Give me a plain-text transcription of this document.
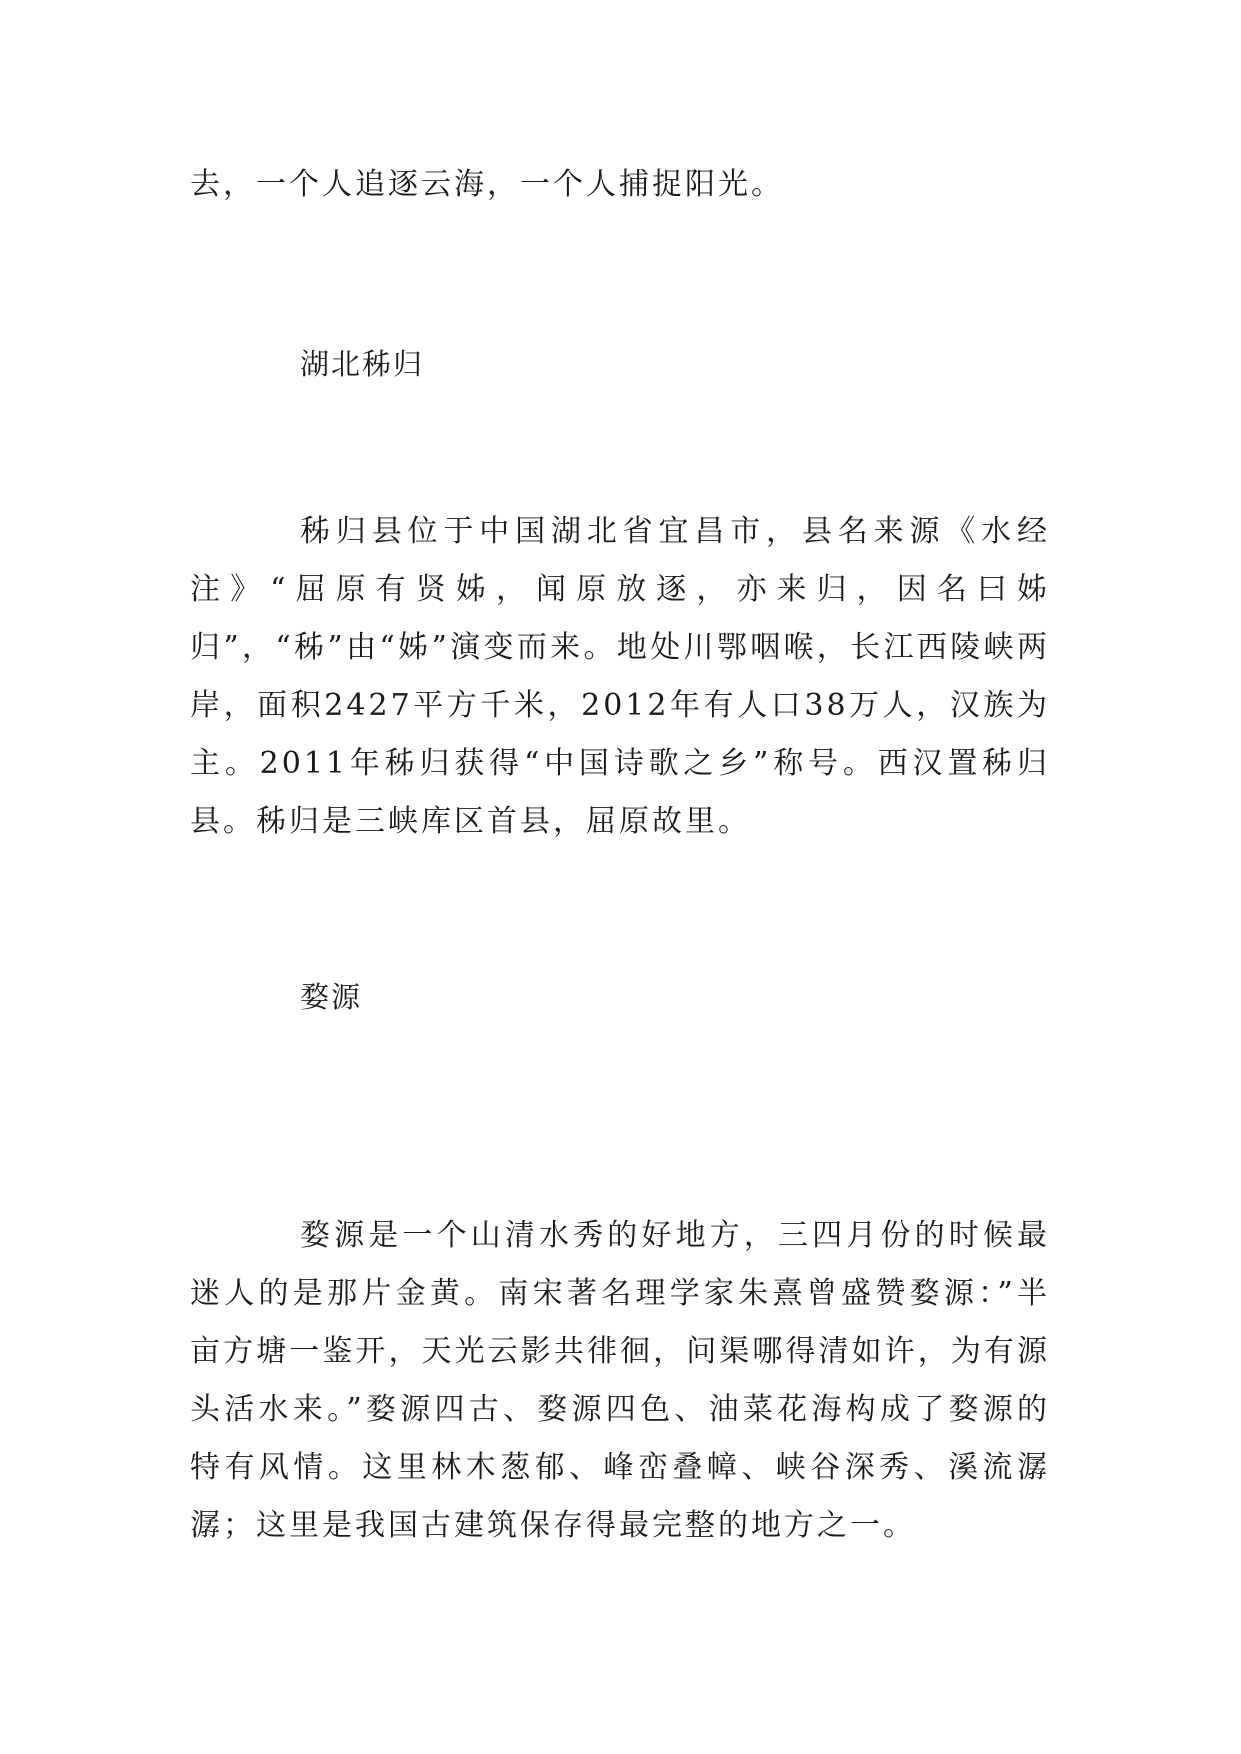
去，一个人追逐云海，一个人捕捉阳光。

湖北秭归

秭归县位于中国湖北省宜昌市，县名来源《水经注》“屈原有贤姊，闻原放逐，亦来归，因名曰姊归”，“秭”由“姊”演变而来。地处川鄂咽喉，长江西陵峡两岸，面积2427平方千米，2012年有人口38万人，汉族为主。2011年秭归获得“中国诗歌之乡”称号。西汉置秭归县。秭归是三峡库区首县，屈原故里。

婺源

婺源是一个山清水秀的好地方，三四月份的时候最迷人的是那片金黄。南宋著名理学家朱熹曾盛赞婺源：”半亩方塘一鉴开，天光云影共徘徊，问渠哪得清如许，为有源头活水来。”婺源四古、婺源四色、油菜花海构成了婺源的特有风情。这里林木葱郁、峰峦叠幛、峡谷深秀、溪流潺潺；这里是我国古建筑保存得最完整的地方之一。
